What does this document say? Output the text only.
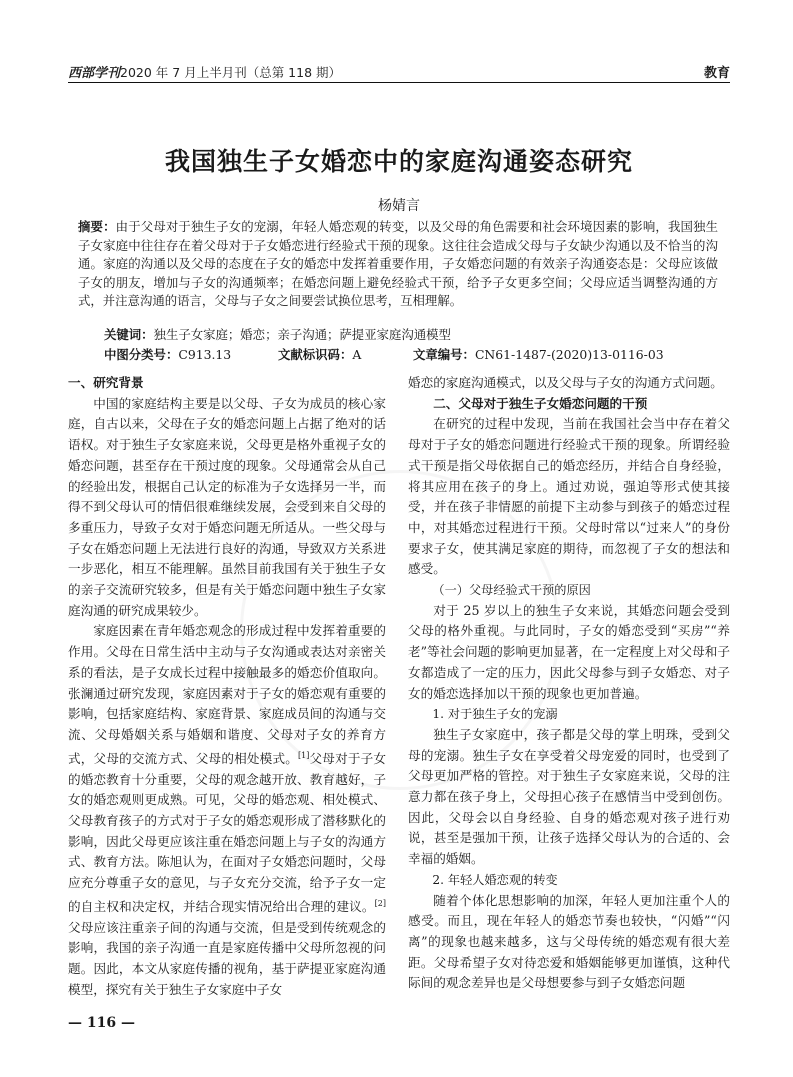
西部学刊2020 年 7 月上半月刊（总第 118 期）	教育
我国独生子女婚恋中的家庭沟通姿态研究
杨婧言
摘要：由于父母对于独生子女的宠溺，年轻人婚恋观的转变，以及父母的角色需要和社会环境因素的影响，我国独生子女家庭中往往存在着父母对于子女婚恋进行经验式干预的现象。这往往会造成父母与子女缺少沟通以及不恰当的沟通。家庭的沟通以及父母的态度在子女的婚恋中发挥着重要作用，子女婚恋问题的有效亲子沟通姿态是：父母应该做子女的朋友，增加与子女的沟通频率；在婚恋问题上避免经验式干预，给予子女更多空间；父母应适当调整沟通的方式，并注意沟通的语言，父母与子女之间要尝试换位思考，互相理解。
关键词：独生子女家庭；婚恋；亲子沟通；萨提亚家庭沟通模型
中图分类号：C913.13	文献标识码：A	文章编号：CN61-1487-(2020)13-0116-03
一、研究背景

中国的家庭结构主要是以父母、子女为成员的核心家庭，自古以来，父母在子女的婚恋问题上占据了绝对的话语权。对于独生子女家庭来说，父母更是格外重视子女的婚恋问题，甚至存在干预过度的现象。父母通常会从自己的经验出发，根据自己认定的标准为子女选择另一半，而得不到父母认可的情侣很难继续发展，会受到来自父母的多重压力，导致子女对于婚恋问题无所适从。一些父母与子女在婚恋问题上无法进行良好的沟通，导致双方关系进一步恶化，相互不能理解。虽然目前我国有关于独生子女的亲子交流研究较多，但是有关于婚恋问题中独生子女家庭沟通的研究成果较少。

家庭因素在青年婚恋观念的形成过程中发挥着重要的作用。父母在日常生活中主动与子女沟通或表达对亲密关系的看法，是子女成长过程中接触最多的婚恋价值取向。张澜通过研究发现，家庭因素对于子女的婚恋观有重要的影响，包括家庭结构、家庭背景、家庭成员间的沟通与交流、父母婚姻关系与婚姻和谐度、父母对子女的养育方式，父母的交流方式、父母的相处模式。[1]父母对于子女的婚恋教育十分重要，父母的观念越开放、教育越好，子女的婚恋观则更成熟。可见，父母的婚恋观、相处模式、父母教育孩子的方式对于子女的婚恋观形成了潜移默化的影响，因此父母更应该注重在婚恋问题上与子女的沟通方式、教育方法。陈旭认为，在面对子女婚恋问题时，父母应充分尊重子女的意见，与子女充分交流，给予子女一定的自主权和决定权，并结合现实情况给出合理的建议。[2]父母应该注重亲子间的沟通与交流，但是受到传统观念的影响，我国的亲子沟通一直是家庭传播中父母所忽视的问题。因此，本文从家庭传播的视角，基于萨提亚家庭沟通模型，探究有关于独生子女家庭中子女

婚恋的家庭沟通模式，以及父母与子女的沟通方式问题。

二、父母对于独生子女婚恋问题的干预

在研究的过程中发现，当前在我国社会当中存在着父母对于子女的婚恋问题进行经验式干预的现象。所谓经验式干预是指父母依据自己的婚恋经历，并结合自身经验，将其应用在孩子的身上。通过劝说，强迫等形式使其接受，并在孩子非情愿的前提下主动参与到孩子的婚恋过程中，对其婚恋过程进行干预。父母时常以“过来人”的身份要求子女，使其满足家庭的期待，而忽视了子女的想法和感受。

（一）父母经验式干预的原因

对于 25 岁以上的独生子女来说，其婚恋问题会受到父母的格外重视。与此同时，子女的婚恋受到“买房”“养老”等社会问题的影响更加显著，在一定程度上对父母和子女都造成了一定的压力，因此父母参与到子女婚恋、对子女的婚恋选择加以干预的现象也更加普遍。

1. 对于独生子女的宠溺

独生子女家庭中，孩子都是父母的掌上明珠，受到父母的宠溺。独生子女在享受着父母宠爱的同时，也受到了父母更加严格的管控。对于独生子女家庭来说，父母的注意力都在孩子身上，父母担心孩子在感情当中受到创伤。因此，父母会以自身经验、自身的婚恋观对孩子进行劝说，甚至是强加干预，让孩子选择父母认为的合适的、会幸福的婚姻。

2. 年轻人婚恋观的转变

随着个体化思想影响的加深，年轻人更加注重个人的感受。而且，现在年轻人的婚恋节奏也较快，“闪婚”“闪离”的现象也越来越多，这与父母传统的婚恋观有很大差距。父母希望子女对待恋爱和婚姻能够更加谨慎，这种代际间的观念差异也是父母想要参与到子女婚恋问题

— 116 —
